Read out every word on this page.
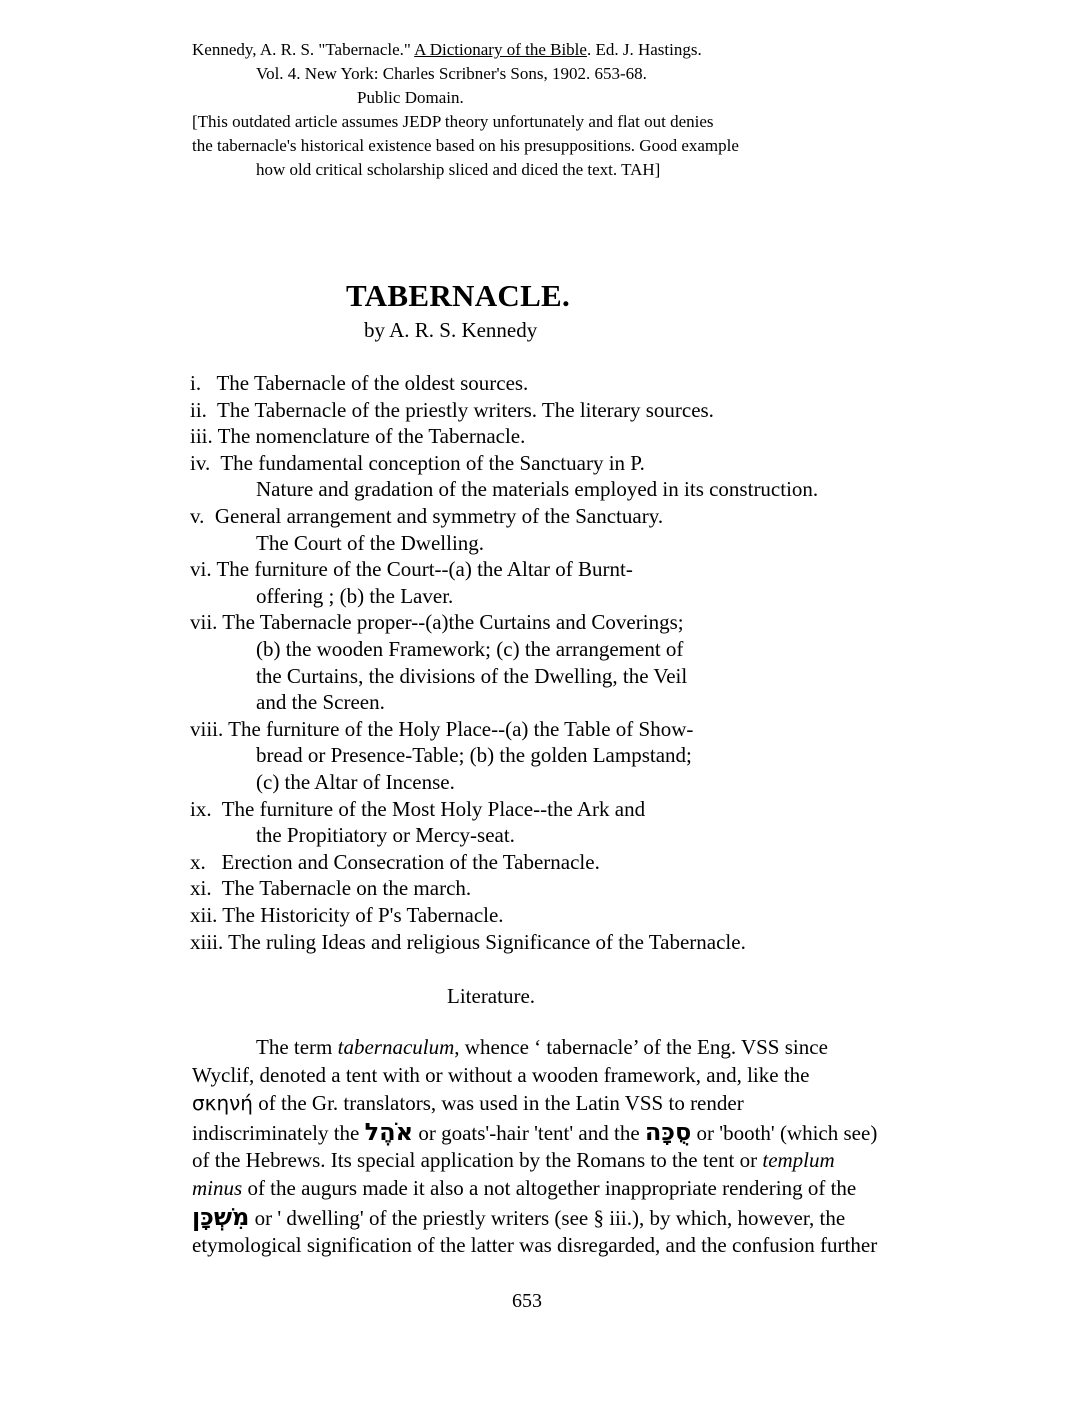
Kennedy, A. R. S. "Tabernacle." A Dictionary of the Bible. Ed. J. Hastings.
Vol. 4. New York: Charles Scribner's Sons, 1902. 653-68.
Public Domain.
[This outdated article assumes JEDP theory unfortunately and flat out denies
the tabernacle's historical existence based on his presuppositions. Good example
how old critical scholarship sliced and diced the text. TAH]
TABERNACLE.
by A. R. S. Kennedy
i.   The Tabernacle of the oldest sources.
ii.  The Tabernacle of the priestly writers. The literary sources.
iii. The nomenclature of the Tabernacle.
iv.  The fundamental conception of the Sanctuary in P.
Nature and gradation of the materials employed in its construction.
v.  General arrangement and symmetry of the Sanctuary.
The Court of the Dwelling.
vi. The furniture of the Court--(a) the Altar of Burnt-
offering ; (b) the Laver.
vii. The Tabernacle proper--(a)the Curtains and Coverings;
(b) the wooden Framework; (c) the arrangement of
the Curtains, the divisions of the Dwelling, the Veil
and the Screen.
viii. The furniture of the Holy Place--(a) the Table of Show-
bread or Presence-Table; (b) the golden Lampstand;
(c) the Altar of Incense.
ix.  The furniture of the Most Holy Place--the Ark and
the Propitiatory or Mercy-seat.
x.   Erection and Consecration of the Tabernacle.
xi.  The Tabernacle on the march.
xii. The Historicity of P's Tabernacle.
xiii. The ruling Ideas and religious Significance of the Tabernacle.
Literature.
The term tabernaculum, whence ‘ tabernacle’ of the Eng. VSS since
Wyclif, denoted a tent with or without a wooden framework, and, like the
σκηνή of the Gr. translators, was used in the Latin VSS to render
indiscriminately the אֹהֶל or goats'-hair 'tent' and the סֻכָּה or 'booth' (which see)
of the Hebrews. Its special application by the Romans to the tent or templum
minus of the augurs made it also a not altogether inappropriate rendering of the
מִשְׁכָּן or ' dwelling' of the priestly writers (see § iii.), by which, however, the
etymological signification of the latter was disregarded, and the confusion further
653
